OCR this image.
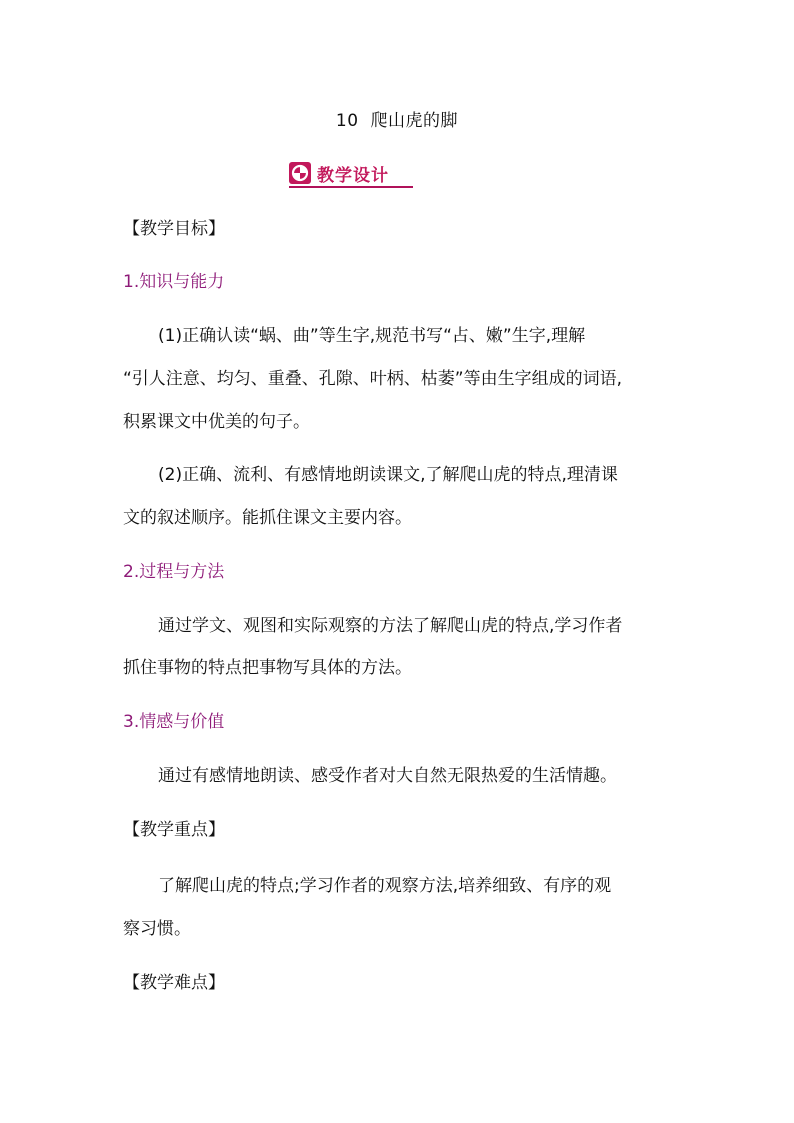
10 爬山虎的脚
教学设计
【教学目标】
1.知识与能力
(1)正确认读“蜗、曲”等生字,规范书写“占、嫩”生字,理解
“引人注意、均匀、重叠、孔隙、叶柄、枯萎”等由生字组成的词语,
积累课文中优美的句子。
(2)正确、流利、有感情地朗读课文,了解爬山虎的特点,理清课
文的叙述顺序。能抓住课文主要内容。
2.过程与方法
通过学文、观图和实际观察的方法了解爬山虎的特点,学习作者
抓住事物的特点把事物写具体的方法。
3.情感与价值
通过有感情地朗读、感受作者对大自然无限热爱的生活情趣。
【教学重点】
了解爬山虎的特点;学习作者的观察方法,培养细致、有序的观
察习惯。
【教学难点】
